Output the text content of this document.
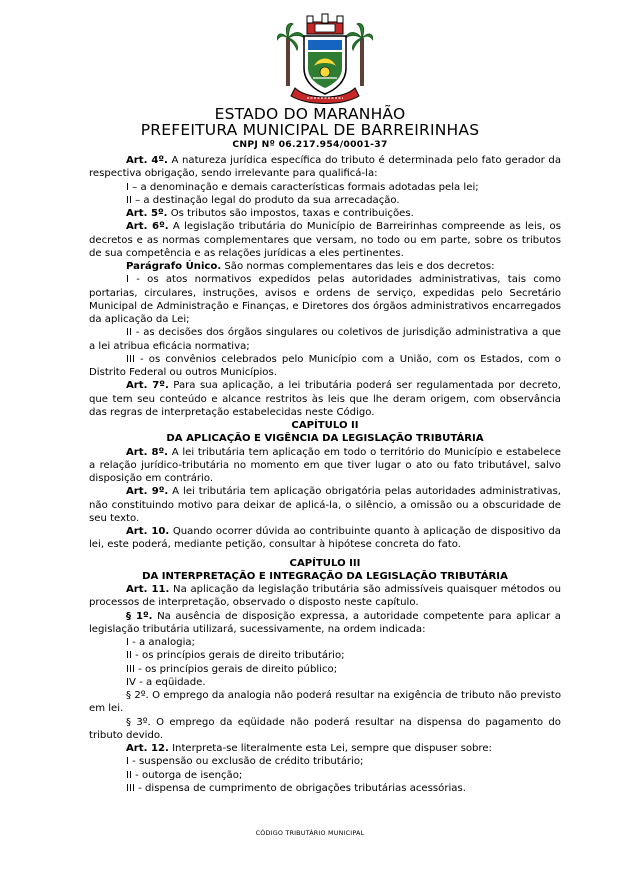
ESTADO DO MARANHÃO
PREFEITURA MUNICIPAL DE BARREIRINHAS
CNPJ Nº 06.217.954/0001-37

Art. 4º. A natureza jurídica específica do tributo é determinada pelo fato gerador da respectiva obrigação, sendo irrelevante para qualificá-la:

I – a denominação e demais características formais adotadas pela lei;

II – a destinação legal do produto da sua arrecadação.

Art. 5º. Os tributos são impostos, taxas e contribuições.

Art. 6º. A legislação tributária do Município de Barreirinhas compreende as leis, os decretos e as normas complementares que versam, no todo ou em parte, sobre os tributos de sua competência e as relações jurídicas a eles pertinentes.

Parágrafo Único. São normas complementares das leis e dos decretos:

I - os atos normativos expedidos pelas autoridades administrativas, tais como portarias, circulares, instruções, avisos e ordens de serviço, expedidas pelo Secretário Municipal de Administração e Finanças, e Diretores dos órgãos administrativos encarregados da aplicação da Lei;

II - as decisões dos órgãos singulares ou coletivos de jurisdição administrativa a que a lei atribua eficácia normativa;

III - os convênios celebrados pelo Município com a União, com os Estados, com o Distrito Federal ou outros Municípios.

Art. 7º. Para sua aplicação, a lei tributária poderá ser regulamentada por decreto, que tem seu conteúdo e alcance restritos às leis que lhe deram origem, com observância das regras de interpretação estabelecidas neste Código.

CAPÍTULO II

DA APLICAÇÃO E VIGÊNCIA DA LEGISLAÇÃO TRIBUTÁRIA

Art. 8º. A lei tributária tem aplicação em todo o território do Município e estabelece a relação jurídico-tributária no momento em que tiver lugar o ato ou fato tributável, salvo disposição em contrário.

Art. 9º. A lei tributária tem aplicação obrigatória pelas autoridades administrativas, não constituindo motivo para deixar de aplicá-la, o silêncio, a omissão ou a obscuridade de seu texto.

Art. 10. Quando ocorrer dúvida ao contribuinte quanto à aplicação de dispositivo da lei, este poderá, mediante petição, consultar à hipótese concreta do fato.

CAPÍTULO III

DA INTERPRETAÇÃO E INTEGRAÇÃO DA LEGISLAÇÃO TRIBUTÁRIA

Art. 11. Na aplicação da legislação tributária são admissíveis quaisquer métodos ou processos de interpretação, observado o disposto neste capítulo.

§ 1º. Na ausência de disposição expressa, a autoridade competente para aplicar a legislação tributária utilizará, sucessivamente, na ordem indicada:

I - a analogia;

II - os princípios gerais de direito tributário;

III - os princípios gerais de direito público;

IV - a eqüidade.

§ 2º. O emprego da analogia não poderá resultar na exigência de tributo não previsto em lei.

§ 3º. O emprego da eqüidade não poderá resultar na dispensa do pagamento do tributo devido.

Art. 12. Interpreta-se literalmente esta Lei, sempre que dispuser sobre:

I - suspensão ou exclusão de crédito tributário;

II - outorga de isenção;

III - dispensa de cumprimento de obrigações tributárias acessórias.

CÓDIGO TRIBUTÁRIO MUNICIPAL
